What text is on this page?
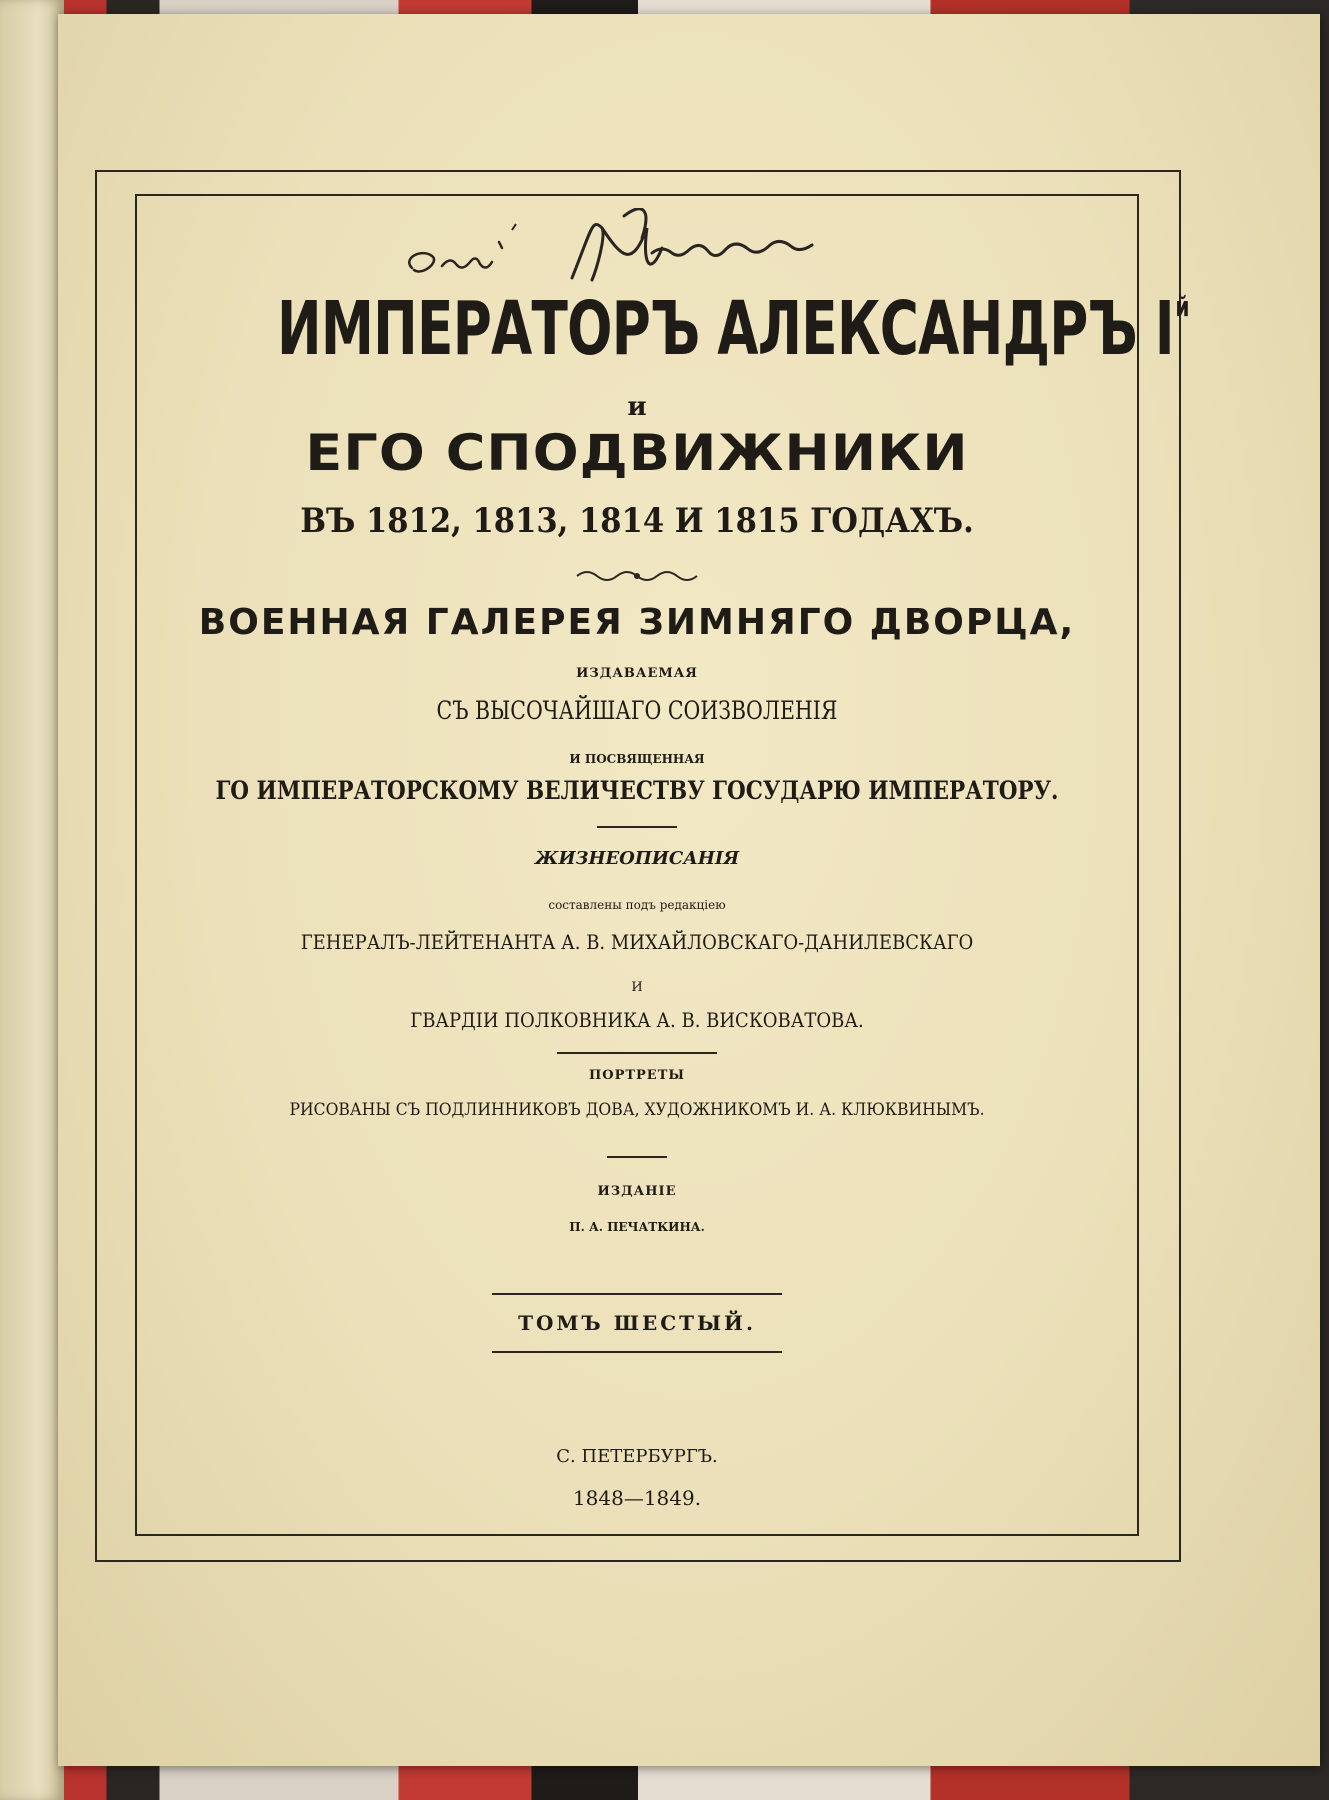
ИМПЕРАТОРЪ АЛЕКСАНДРЪ $I^й$
и
ЕГО СПОДВИЖНИКИ
ВЪ 1812, 1813, 1814 И 1815 ГОДАХЪ.
ВОЕННАЯ ГАЛЕРЕЯ ЗИМНЯГО ДВОРЦА,
ИЗДАВАЕМАЯ
СЪ ВЫСОЧАЙШАГО СОИЗВОЛЕНІЯ
И ПОСВЯЩЕННАЯ
ГО ИМПЕРАТОРСКОМУ ВЕЛИЧЕСТВУ ГОСУДАРЮ ИМПЕРАТОРУ.
ЖИЗНЕОПИСАНІЯ
составлены подъ редакціею
ГЕНЕРАЛЪ-ЛЕЙТЕНАНТА А. В. МИХАЙЛОВСКАГО-ДАНИЛЕВСКАГО
И
ГВАРДІИ ПОЛКОВНИКА А. В. ВИСКОВАТОВА.
ПОРТРЕТЫ
РИСОВАНЫ СЪ ПОДЛИННИКОВЪ ДОВА, ХУДОЖНИКОМЪ И. А. КЛЮКВИНЫМЪ.
ИЗДАНІЕ
П. А. ПЕЧАТКИНА.
ТОМЪ ШЕСТЫЙ.
С. ПЕТЕРБУРГЪ.
1848—1849.
